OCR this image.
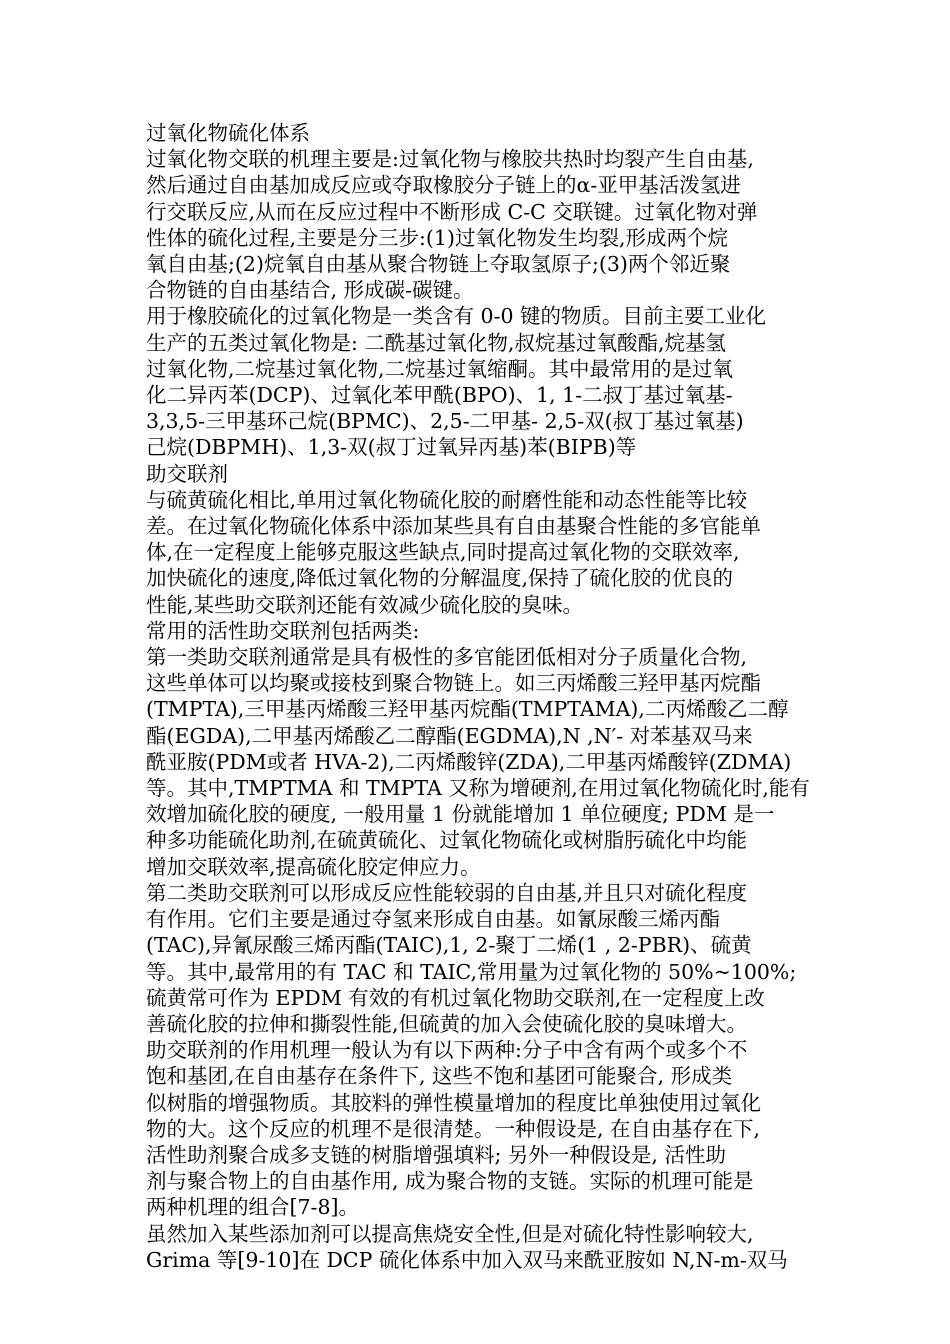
过氧化物硫化体系
过氧化物交联的机理主要是:过氧化物与橡胶共热时均裂产生自由基,
然后通过自由基加成反应或夺取橡胶分子链上的α-亚甲基活泼氢进
行交联反应,从而在反应过程中不断形成 C-C 交联键。过氧化物对弹
性体的硫化过程,主要是分三步:(1)过氧化物发生均裂,形成两个烷
氧自由基;(2)烷氧自由基从聚合物链上夺取氢原子;(3)两个邻近聚
合物链的自由基结合, 形成碳-碳键。
用于橡胶硫化的过氧化物是一类含有 0-0 键的物质。目前主要工业化
生产的五类过氧化物是: 二酰基过氧化物,叔烷基过氧酸酯,烷基氢
过氧化物,二烷基过氧化物,二烷基过氧缩酮。其中最常用的是过氧
化二异丙苯(DCP)、过氧化苯甲酰(BPO)、1, 1-二叔丁基过氧基-
3,3,5-三甲基环己烷(BPMC)、2,5-二甲基- 2,5-双(叔丁基过氧基)
己烷(DBPMH)、1,3-双(叔丁过氧异丙基)苯(BIPB)等
助交联剂
与硫黄硫化相比,单用过氧化物硫化胶的耐磨性能和动态性能等比较
差。在过氧化物硫化体系中添加某些具有自由基聚合性能的多官能单
体,在一定程度上能够克服这些缺点,同时提高过氧化物的交联效率,
加快硫化的速度,降低过氧化物的分解温度,保持了硫化胶的优良的
性能,某些助交联剂还能有效减少硫化胶的臭味。
常用的活性助交联剂包括两类:
第一类助交联剂通常是具有极性的多官能团低相对分子质量化合物,
这些单体可以均聚或接枝到聚合物链上。如三丙烯酸三羟甲基丙烷酯
(TMPTA),三甲基丙烯酸三羟甲基丙烷酯(TMPTAMA),二丙烯酸乙二醇
酯(EGDA),二甲基丙烯酸乙二醇酯(EGDMA),N ,N′- 对苯基双马来
酰亚胺(PDM或者 HVA-2),二丙烯酸锌(ZDA),二甲基丙烯酸锌(ZDMA)
等。其中,TMPTMA 和 TMPTA 又称为增硬剂,在用过氧化物硫化时,能有
效增加硫化胶的硬度, 一般用量 1 份就能增加 1 单位硬度; PDM 是一
种多功能硫化助剂,在硫黄硫化、过氧化物硫化或树脂肟硫化中均能
增加交联效率,提高硫化胶定伸应力。
第二类助交联剂可以形成反应性能较弱的自由基,并且只对硫化程度
有作用。它们主要是通过夺氢来形成自由基。如氰尿酸三烯丙酯
(TAC),异氰尿酸三烯丙酯(TAIC),1, 2-聚丁二烯(1 , 2-PBR)、硫黄
等。其中,最常用的有 TAC 和 TAIC,常用量为过氧化物的 50%~100%;
硫黄常可作为 EPDM 有效的有机过氧化物助交联剂,在一定程度上改
善硫化胶的拉伸和撕裂性能,但硫黄的加入会使硫化胶的臭味增大。
助交联剂的作用机理一般认为有以下两种:分子中含有两个或多个不
饱和基团,在自由基存在条件下, 这些不饱和基团可能聚合, 形成类
似树脂的增强物质。其胶料的弹性模量增加的程度比单独使用过氧化
物的大。这个反应的机理不是很清楚。一种假设是, 在自由基存在下,
活性助剂聚合成多支链的树脂增强填料; 另外一种假设是, 活性助
剂与聚合物上的自由基作用, 成为聚合物的支链。实际的机理可能是
两种机理的组合[7-8]。
虽然加入某些添加剂可以提高焦烧安全性,但是对硫化特性影响较大,
Grima 等[9-10]在 DCP 硫化体系中加入双马来酰亚胺如 N,N-m-双马
